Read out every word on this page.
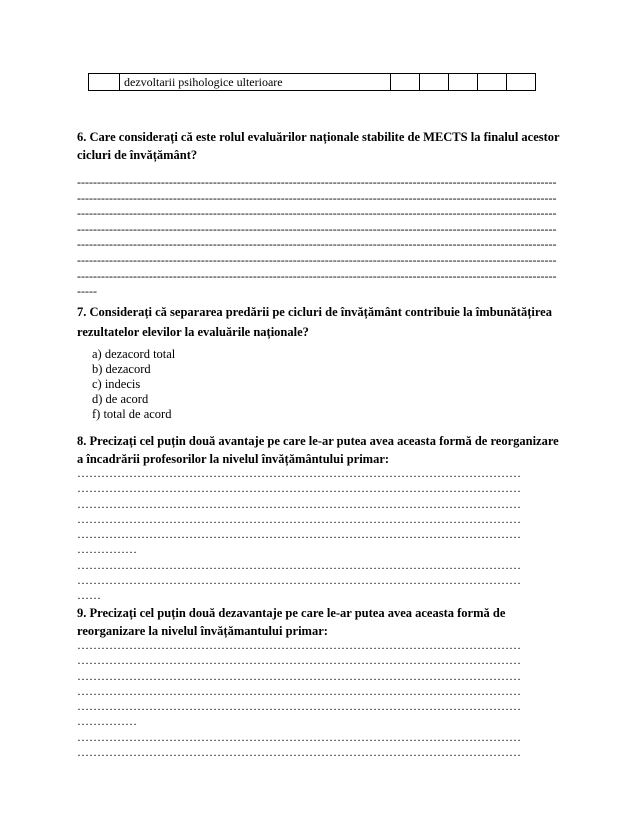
	dezvoltarii psihologice ulterioare					
6. Care considerați că este rolul evaluărilor naționale stabilite de MECTS la finalul acestor cicluri de învățământ?
------------------------------------------------------------------------------------------------------------------------
------------------------------------------------------------------------------------------------------------------------
------------------------------------------------------------------------------------------------------------------------
------------------------------------------------------------------------------------------------------------------------
------------------------------------------------------------------------------------------------------------------------
------------------------------------------------------------------------------------------------------------------------
------------------------------------------------------------------------------------------------------------------------
-----
7. Considerați că separarea predării pe cicluri de învățământ contribuie la îmbunătățirea rezultatelor elevilor la evaluările naționale?
a) dezacord total
b) dezacord
c) indecis
d) de acord
f) total de acord
8. Precizați cel puțin două avantaje pe care le-ar putea avea aceasta formă de reorganizare a încadrării profesorilor la nivelul învățământului primar:
…………………………………………………………………………………………………
…………………………………………………………………………………………………
…………………………………………………………………………………………………
…………………………………………………………………………………………………
…………………………………………………………………………………………………
……………
…………………………………………………………………………………………………
…………………………………………………………………………………………………
……
9. Precizați cel puțin două dezavantaje pe care le-ar putea avea aceasta formă de reorganizare la nivelul învățămantului primar:
…………………………………………………………………………………………………
…………………………………………………………………………………………………
…………………………………………………………………………………………………
…………………………………………………………………………………………………
…………………………………………………………………………………………………
……………
…………………………………………………………………………………………………
…………………………………………………………………………………………………
